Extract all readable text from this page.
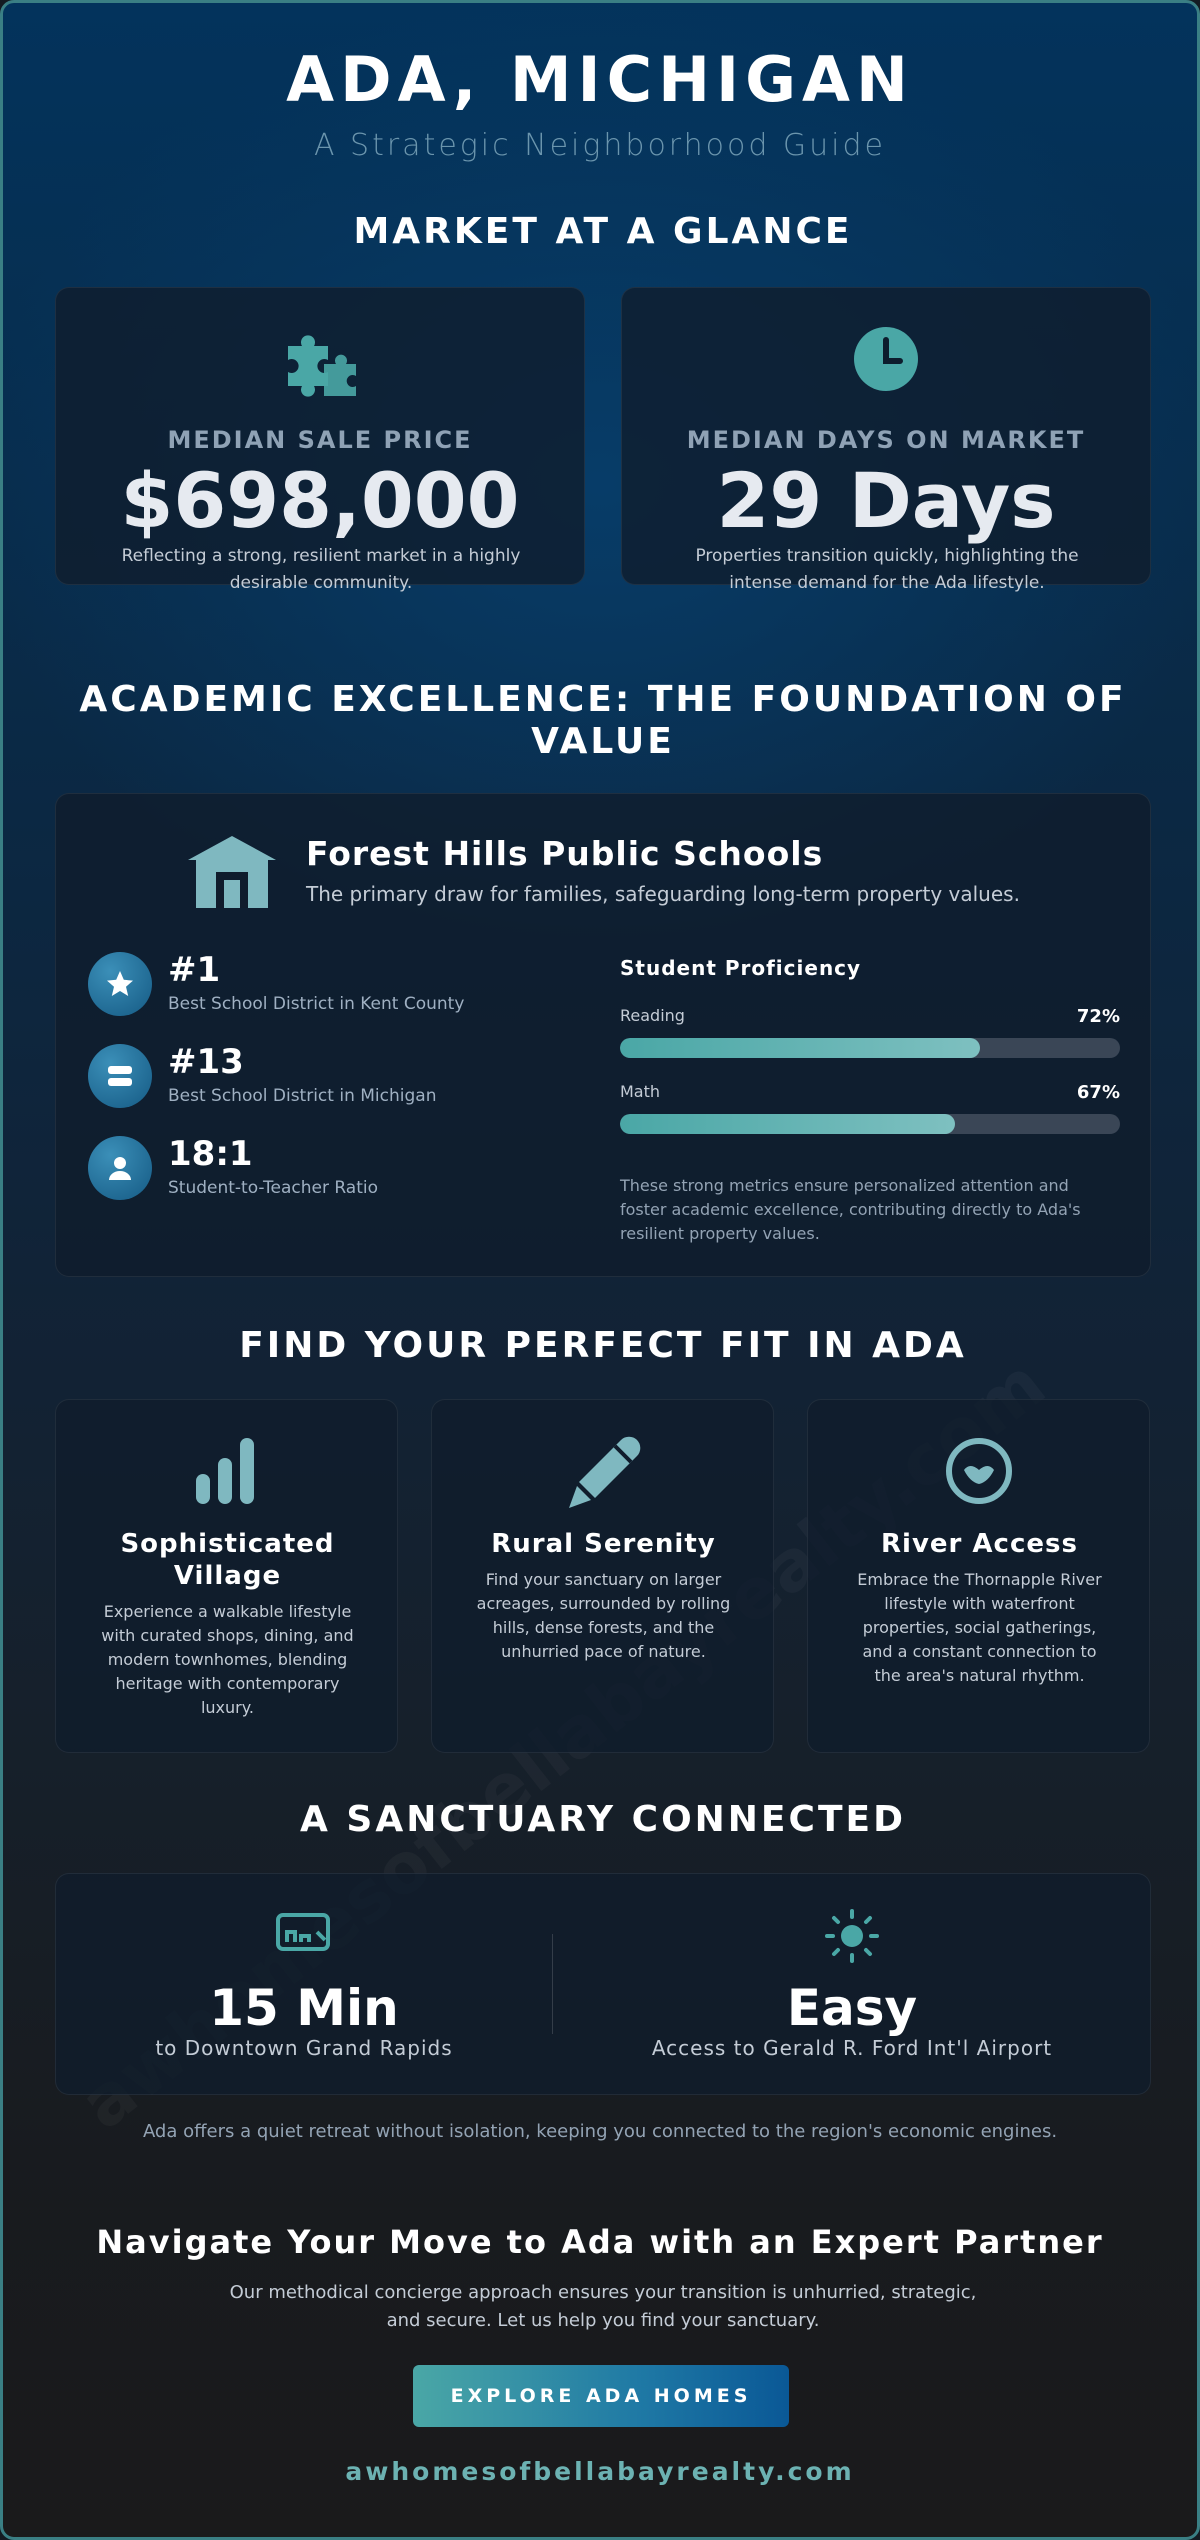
ADA, MICHIGAN
A Strategic Neighborhood Guide
MARKET AT A GLANCE
MEDIAN SALE PRICE
$698,000
Reflecting a strong, resilient market in a highly desirable community.
MEDIAN DAYS ON MARKET
29 Days
Properties transition quickly, highlighting the intense demand for the Ada lifestyle.
ACADEMIC EXCELLENCE: THE FOUNDATION OF VALUE
Forest Hills Public Schools
The primary draw for families, safeguarding long-term property values.
#1
Best School District in Kent County
#13
Best School District in Michigan
18:1
Student-to-Teacher Ratio
Student Proficiency
Reading	72%
Math	67%
These strong metrics ensure personalized attention and foster academic excellence, contributing directly to Ada's resilient property values.
FIND YOUR PERFECT FIT IN ADA
Sophisticated Village
Experience a walkable lifestyle with curated shops, dining, and modern townhomes, blending heritage with contemporary luxury.
Rural Serenity
Find your sanctuary on larger acreages, surrounded by rolling hills, dense forests, and the unhurried pace of nature.
River Access
Embrace the Thornapple River lifestyle with waterfront properties, social gatherings, and a constant connection to the area's natural rhythm.
A SANCTUARY CONNECTED
15 Min
to Downtown Grand Rapids
Easy
Access to Gerald R. Ford Int'l Airport
Ada offers a quiet retreat without isolation, keeping you connected to the region's economic engines.
Navigate Your Move to Ada with an Expert Partner
Our methodical concierge approach ensures your transition is unhurried, strategic, and secure. Let us help you find your sanctuary.
EXPLORE ADA HOMES
awhomesofbellabayrealty.com
